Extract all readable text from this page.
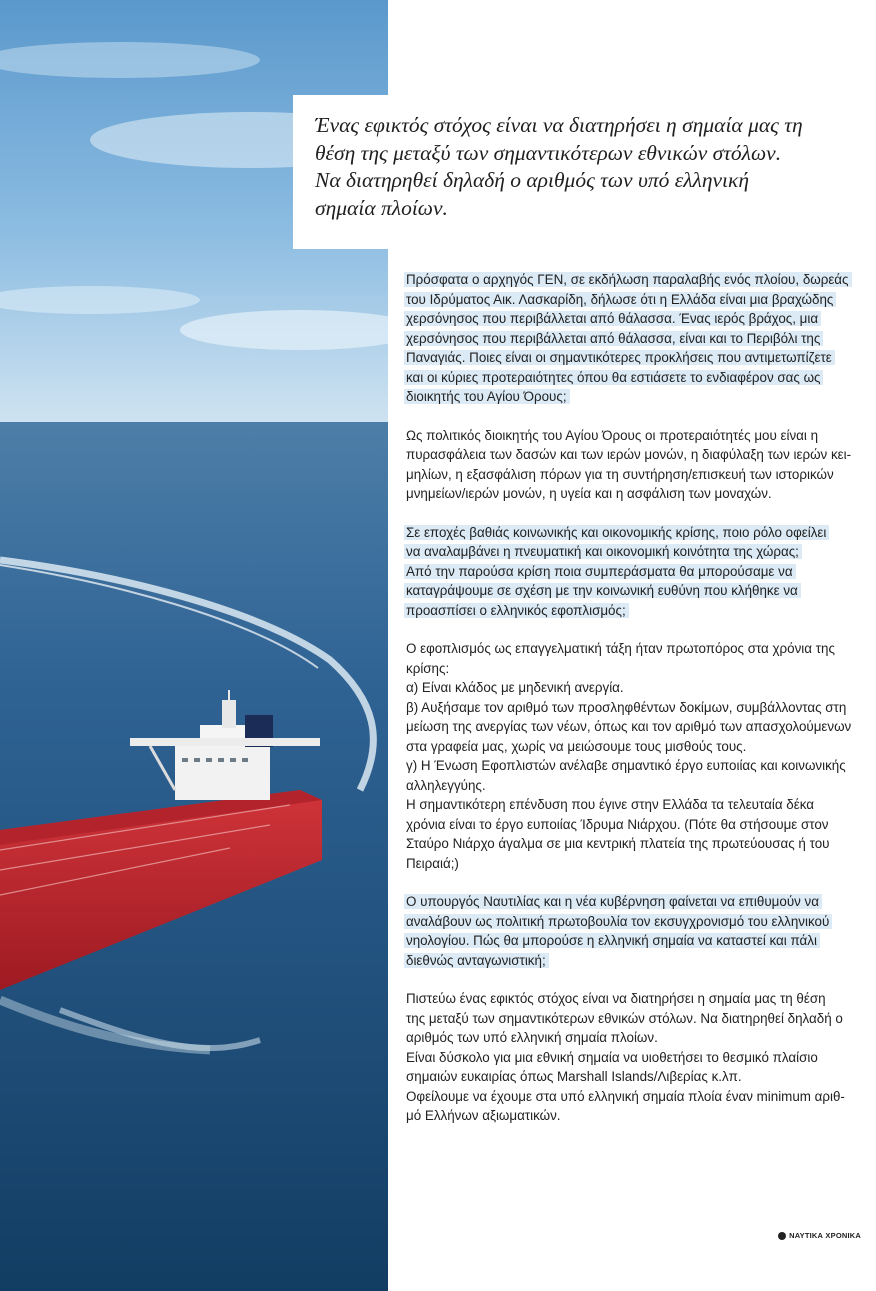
Ένας εφικτός στόχος είναι να διατηρήσει η σημαία μας τη θέση της μεταξύ των σημαντικότερων εθνικών στόλων. Να διατηρηθεί δηλαδή ο αριθμός των υπό ελληνική σημαία πλοίων.

Πρόσφατα ο αρχηγός ΓΕΝ, σε εκδήλωση παραλαβής ενός πλοίου, δωρεάς
του Ιδρύματος Αικ. Λασκαρίδη, δήλωσε ότι η Ελλάδα είναι μια βραχώδης
χερσόνησος που περιβάλλεται από θάλασσα. Ένας ιερός βράχος, μια
χερσόνησος που περιβάλλεται από θάλασσα, είναι και το Περιβόλι της
Παναγιάς. Ποιες είναι οι σημαντικότερες προκλήσεις που αντιμετωπίζετε
και οι κύριες προτεραιότητες όπου θα εστιάσετε το ενδιαφέρον σας ως
διοικητής του Αγίου Όρους;

Ως πολιτικός διοικητής του Αγίου Όρους οι προτεραιότητές μου είναι η
πυρασφάλεια των δασών και των ιερών μονών, η διαφύλαξη των ιερών κει-
μηλίων, η εξασφάλιση πόρων για τη συντήρηση/επισκευή των ιστορικών
μνημείων/ιερών μονών, η υγεία και η ασφάλιση των μοναχών.

Σε εποχές βαθιάς κοινωνικής και οικονομικής κρίσης, ποιο ρόλο οφείλει
να αναλαμβάνει η πνευματική και οικονομική κοινότητα της χώρας;
Από την παρούσα κρίση ποια συμπεράσματα θα μπορούσαμε να
καταγράψουμε σε σχέση με την κοινωνική ευθύνη που κλήθηκε να
προασπίσει ο ελληνικός εφοπλισμός;

Ο εφοπλισμός ως επαγγελματική τάξη ήταν πρωτοπόρος στα χρόνια της
κρίσης:
α) Είναι κλάδος με μηδενική ανεργία.
β) Αυξήσαμε τον αριθμό των προσληφθέντων δοκίμων, συμβάλλοντας στη
μείωση της ανεργίας των νέων, όπως και τον αριθμό των απασχολούμενων
στα γραφεία μας, χωρίς να μειώσουμε τους μισθούς τους.
γ) Η Ένωση Εφοπλιστών ανέλαβε σημαντικό έργο ευποιίας και κοινωνικής
αλληλεγγύης.
Η σημαντικότερη επένδυση που έγινε στην Ελλάδα τα τελευταία δέκα
χρόνια είναι το έργο ευποιίας Ίδρυμα Νιάρχου. (Πότε θα στήσουμε στον
Σταύρο Νιάρχο άγαλμα σε μια κεντρική πλατεία της πρωτεύουσας ή του
Πειραιά;)

Ο υπουργός Ναυτιλίας και η νέα κυβέρνηση φαίνεται να επιθυμούν να
αναλάβουν ως πολιτική πρωτοβουλία τον εκσυγχρονισμό του ελληνικού
νηολογίου. Πώς θα μπορούσε η ελληνική σημαία να καταστεί και πάλι
διεθνώς ανταγωνιστική;

Πιστεύω ένας εφικτός στόχος είναι να διατηρήσει η σημαία μας τη θέση
της μεταξύ των σημαντικότερων εθνικών στόλων. Να διατηρηθεί δηλαδή ο
αριθμός των υπό ελληνική σημαία πλοίων.
Είναι δύσκολο για μια εθνική σημαία να υιοθετήσει το θεσμικό πλαίσιο
σημαιών ευκαιρίας όπως Marshall Islands/Λιβερίας κ.λπ.
Οφείλουμε να έχουμε στα υπό ελληνική σημαία πλοία έναν minimum αριθ-
μό Ελλήνων αξιωματικών.

ΝΑΥΤΙΚΑ ΧΡΟΝΙΚΑ
